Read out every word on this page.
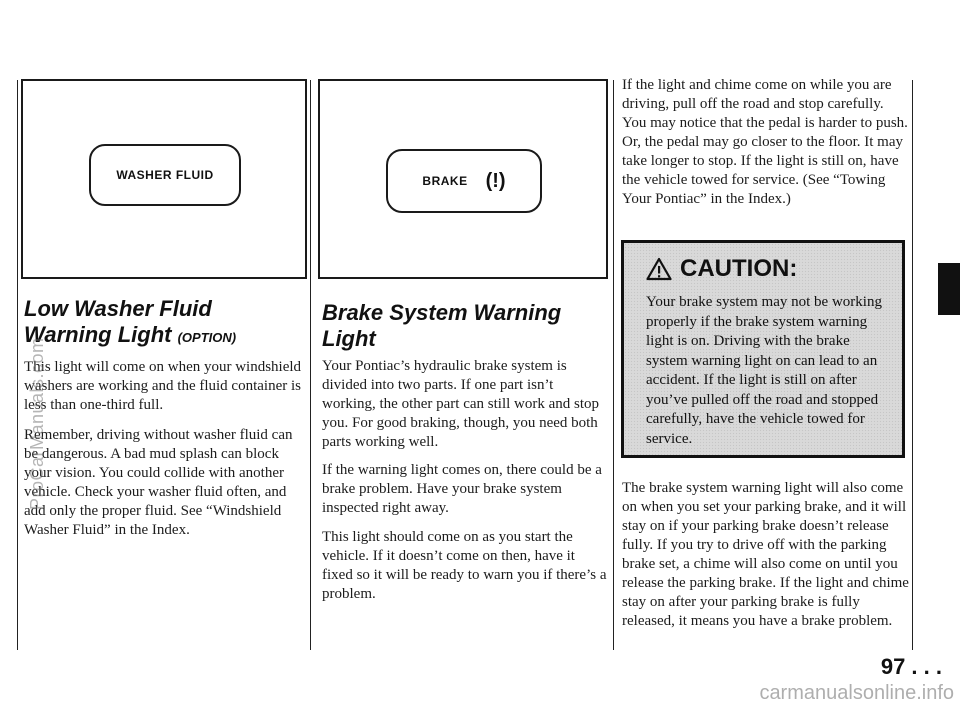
WASHER FLUID
Low Washer Fluid Warning Light (OPTION)

This light will come on when your windshield washers are working and the fluid container is less than one-third full.

Remember, driving without washer fluid can be dangerous. A bad mud splash can block your vision. You could collide with another vehicle. Check your washer fluid often, and add only the proper fluid. See “Windshield Washer Fluid” in the Index.

BRAKE (!)
Brake System Warning Light

Your Pontiac’s hydraulic brake system is divided into two parts. If one part isn’t working, the other part can still work and stop you. For good braking, though, you need both parts working well.

If the warning light comes on, there could be a brake problem. Have your brake system inspected right away.

This light should come on as you start the vehicle. If it doesn’t come on then, have it fixed so it will be ready to warn you if there’s a problem.

If the light and chime come on while you are driving, pull off the road and stop carefully. You may notice that the pedal is harder to push. Or, the pedal may go closer to the floor. It may take longer to stop. If the light is still on, have the vehicle towed for service. (See “Towing Your Pontiac” in the Index.)

CAUTION:

Your brake system may not be working properly if the brake system warning light is on. Driving with the brake system warning light on can lead to an accident. If the light is still on after you’ve pulled off the road and stopped carefully, have the vehicle towed for service.

The brake system warning light will also come on when you set your parking brake, and it will stay on if your parking brake doesn’t release fully. If you try to drive off with the parking brake set, a chime will also come on until you release the parking brake. If the light and chime stay on after your parking brake is fully released, it means you have a brake problem.

97 . . .
ProCarManuals.com
carmanualsonline.info
